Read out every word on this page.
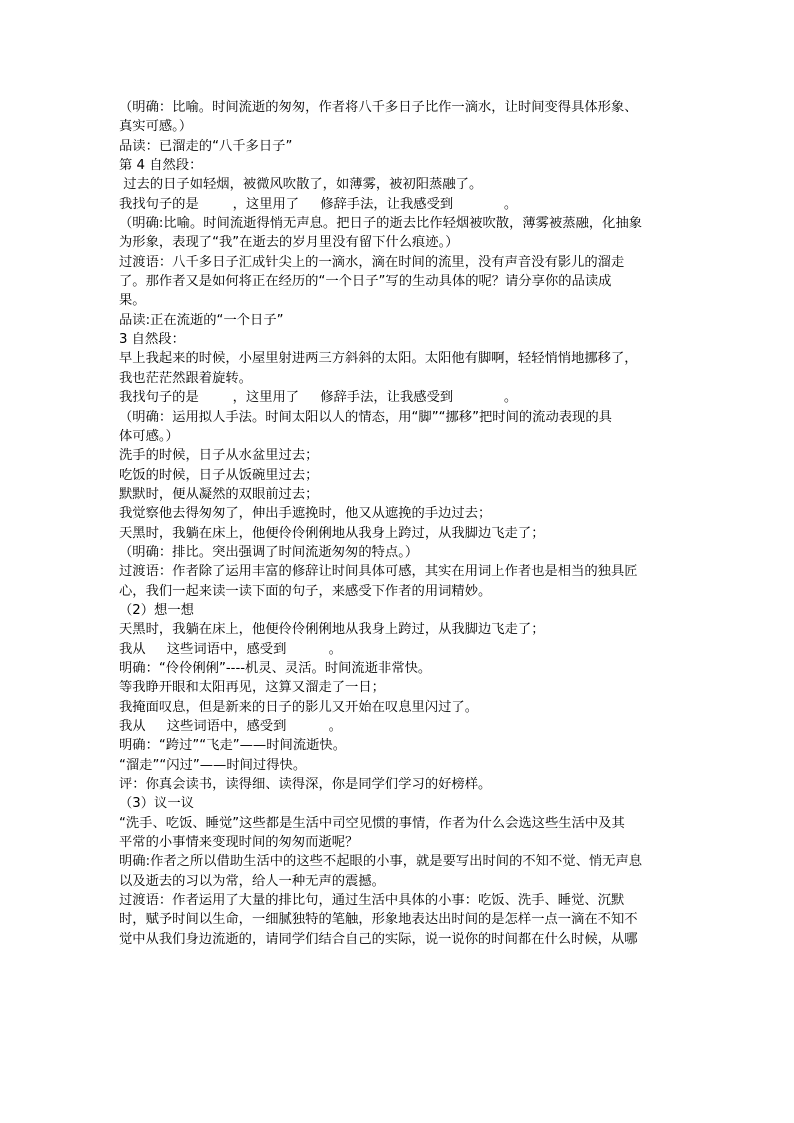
（明确：比喻。时间流逝的匆匆，作者将八千多日子比作一滴水，让时间变得具体形象、
真实可感。）
品读：已溜走的“八千多日子”
第 4 自然段：
过去的日子如轻烟，被微风吹散了，如薄雾，被初阳蒸融了。
我找句子的是        ，这里用了     修辞手法，让我感受到            。
（明确:比喻。时间流逝得悄无声息。把日子的逝去比作轻烟被吹散，薄雾被蒸融，化抽象
为形象，表现了“我”在逝去的岁月里没有留下什么痕迹。）
过渡语：八千多日子汇成针尖上的一滴水，滴在时间的流里，没有声音没有影儿的溜走
了。那作者又是如何将正在经历的“一个日子”写的生动具体的呢？请分享你的品读成
果。
品读:正在流逝的“一个日子”
3 自然段：
早上我起来的时候，小屋里射进两三方斜斜的太阳。太阳他有脚啊，轻轻悄悄地挪移了，
我也茫茫然跟着旋转。
我找句子的是        ，这里用了     修辞手法，让我感受到            。
（明确：运用拟人手法。时间太阳以人的情态，用“脚”“挪移”把时间的流动表现的具
体可感。）
洗手的时候，日子从水盆里过去；
吃饭的时候，日子从饭碗里过去；
默默时，便从凝然的双眼前过去；
我觉察他去得匆匆了，伸出手遮挽时，他又从遮挽的手边过去；
天黑时，我躺在床上，他便伶伶俐俐地从我身上跨过，从我脚边飞走了；
（明确：排比。突出强调了时间流逝匆匆的特点。）
过渡语：作者除了运用丰富的修辞让时间具体可感，其实在用词上作者也是相当的独具匠
心，我们一起来读一读下面的句子，来感受下作者的用词精妙。
（2）想一想
天黑时，我躺在床上，他便伶伶俐俐地从我身上跨过，从我脚边飞走了；
我从     这些词语中，感受到          。
明确：“伶伶俐俐”----机灵、灵活。时间流逝非常快。
等我睁开眼和太阳再见，这算又溜走了一日；
我掩面叹息，但是新来的日子的影儿又开始在叹息里闪过了。
我从     这些词语中，感受到          。
明确：“跨过”“飞走”——时间流逝快。
“溜走”“闪过”——时间过得快。
评：你真会读书，读得细、读得深，你是同学们学习的好榜样。
（3）议一议
“洗手、吃饭、睡觉”这些都是生活中司空见惯的事情，作者为什么会选这些生活中及其
平常的小事情来变现时间的匆匆而逝呢？
明确:作者之所以借助生活中的这些不起眼的小事，就是要写出时间的不知不觉、悄无声息
以及逝去的习以为常，给人一种无声的震撼。
过渡语：作者运用了大量的排比句，通过生活中具体的小事：吃饭、洗手、睡觉、沉默
时，赋予时间以生命，一细腻独特的笔触，形象地表达出时间的是怎样一点一滴在不知不
觉中从我们身边流逝的，请同学们结合自己的实际，说一说你的时间都在什么时候，从哪
